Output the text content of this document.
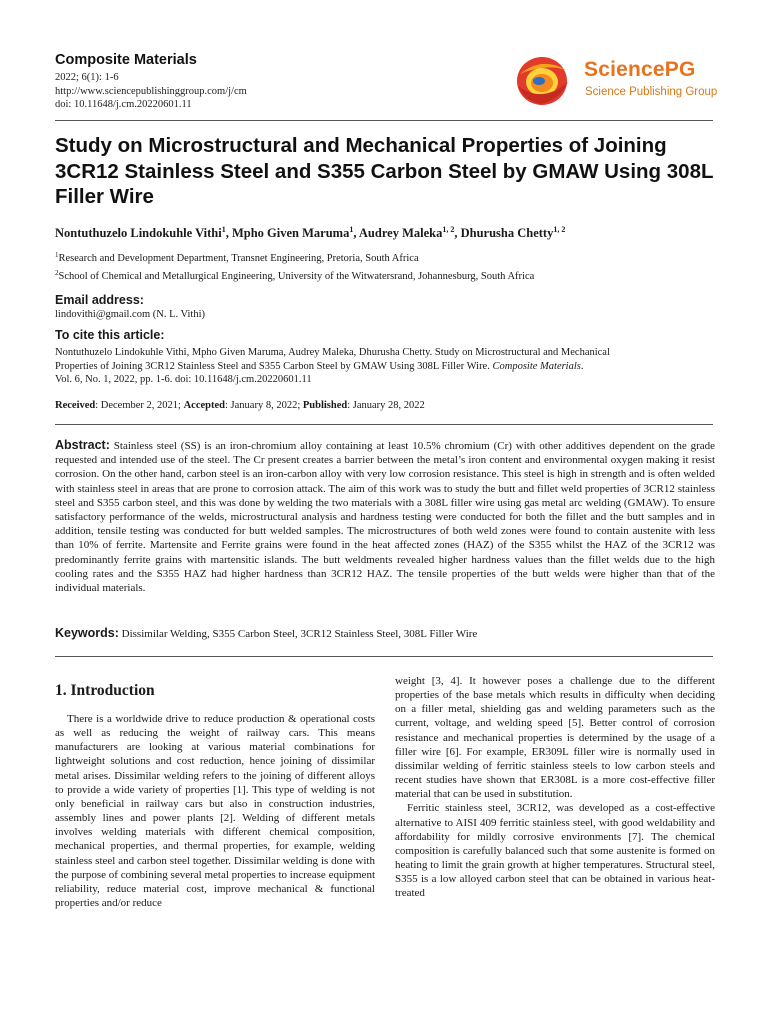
Composite Materials
2022; 6(1): 1-6
http://www.sciencepublishinggroup.com/j/cm
doi: 10.11648/j.cm.20220601.11
SciencePG
Science Publishing Group
Study on Microstructural and Mechanical Properties of Joining 3CR12 Stainless Steel and S355 Carbon Steel by GMAW Using 308L Filler Wire
Nontuthuzelo Lindokuhle Vithi$^1$, Mpho Given Maruma$^1$, Audrey Maleka$^{1, 2}$, Dhurusha Chetty$^{1, 2}$
$^1$Research and Development Department, Transnet Engineering, Pretoria, South Africa
$^2$School of Chemical and Metallurgical Engineering, University of the Witwatersrand, Johannesburg, South Africa
Email address:
lindovithi@gmail.com (N. L. Vithi)
To cite this article:
Nontuthuzelo Lindokuhle Vithi, Mpho Given Maruma, Audrey Maleka, Dhurusha Chetty. Study on Microstructural and Mechanical
Properties of Joining 3CR12 Stainless Steel and S355 Carbon Steel by GMAW Using 308L Filler Wire. Composite Materials.
Vol. 6, No. 1, 2022, pp. 1-6. doi: 10.11648/j.cm.20220601.11
Received: December 2, 2021; Accepted: January 8, 2022; Published: January 28, 2022
Abstract: Stainless steel (SS) is an iron-chromium alloy containing at least 10.5% chromium (Cr) with other additives dependent on the grade requested and intended use of the steel. The Cr present creates a barrier between the metal’s iron content and environmental oxygen making it resist corrosion. On the other hand, carbon steel is an iron-carbon alloy with very low corrosion resistance. This steel is high in strength and is often welded with stainless steel in areas that are prone to corrosion attack. The aim of this work was to study the butt and fillet weld properties of 3CR12 stainless steel and S355 carbon steel, and this was done by welding the two materials with a 308L filler wire using gas metal arc welding (GMAW). To ensure satisfactory performance of the welds, microstructural analysis and hardness testing were conducted for both the fillet and the butt samples and in addition, tensile testing was conducted for butt welded samples. The microstructures of both weld zones were found to contain austenite with less than 10% of ferrite. Martensite and Ferrite grains were found in the heat affected zones (HAZ) of the S355 whilst the HAZ of the 3CR12 was predominantly ferrite grains with martensitic islands. The butt weldments revealed higher hardness values than the fillet welds due to the high cooling rates and the S355 HAZ had higher hardness than 3CR12 HAZ. The tensile properties of the butt welds were higher than that of the individual materials.
Keywords: Dissimilar Welding, S355 Carbon Steel, 3CR12 Stainless Steel, 308L Filler Wire
1. Introduction

There is a worldwide drive to reduce production & operational costs as well as reducing the weight of railway cars. This means manufacturers are looking at various material combinations for lightweight solutions and cost reduction, hence joining of dissimilar metal arises. Dissimilar welding refers to the joining of different alloys to provide a wide variety of properties [1]. This type of welding is not only beneficial in railway cars but also in construction industries, assembly lines and power plants [2]. Welding of different metals involves welding materials with different chemical composition, mechanical properties, and thermal properties, for example, welding stainless steel and carbon steel together. Dissimilar welding is done with the purpose of combining several metal properties to increase equipment reliability, reduce material cost, improve mechanical & functional properties and/or reduce

weight [3, 4]. It however poses a challenge due to the different properties of the base metals which results in difficulty when deciding on a filler metal, shielding gas and welding parameters such as the current, voltage, and welding speed [5]. Better control of corrosion resistance and mechanical properties is determined by the usage of a filler wire [6]. For example, ER309L filler wire is normally used in dissimilar welding of ferritic stainless steels to low carbon steels and recent studies have shown that ER308L is a more cost-effective filler material that can be used in substitution.

Ferritic stainless steel, 3CR12, was developed as a cost-effective alternative to AISI 409 ferritic stainless steel, with good weldability and affordability for mildly corrosive environments [7]. The chemical composition is carefully balanced such that some austenite is formed on heating to limit the grain growth at higher temperatures. Structural steel, S355 is a low alloyed carbon steel that can be obtained in various heat-treated
